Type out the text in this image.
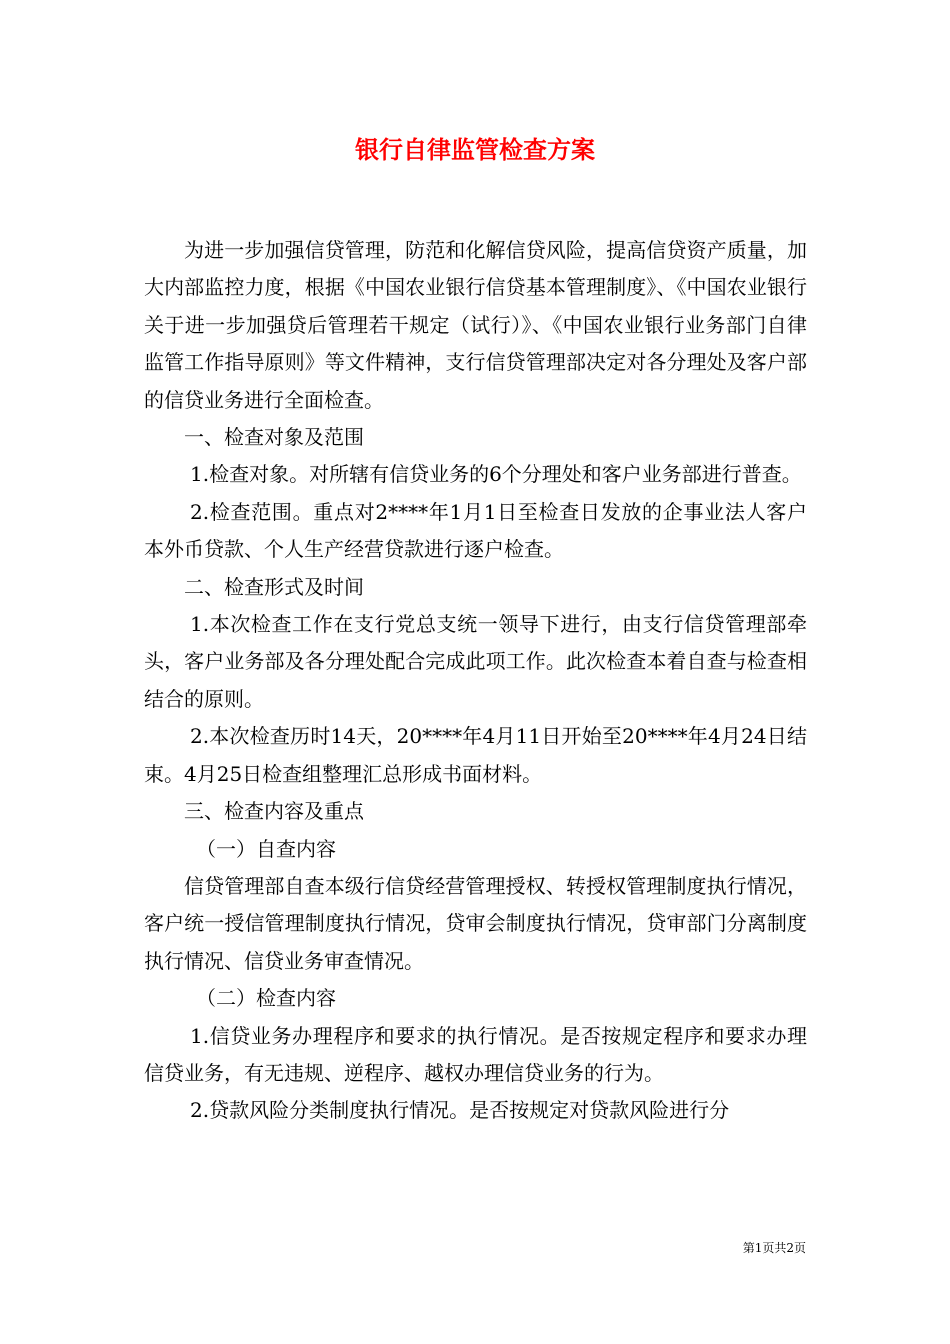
银行自律监管检查方案

为进一步加强信贷管理，防范和化解信贷风险，提高信贷资产质量，加大内部监控力度，根据《中国农业银行信贷基本管理制度》、《中国农业银行关于进一步加强贷后管理若干规定（试行）》、《中国农业银行业务部门自律监管工作指导原则》等文件精神，支行信贷管理部决定对各分理处及客户部的信贷业务进行全面检查。

一、检查对象及范围

1.检查对象。对所辖有信贷业务的6个分理处和客户业务部进行普查。

2.检查范围。重点对2****年1月1日至检查日发放的企事业法人客户本外币贷款、个人生产经营贷款进行逐户检查。

二、检查形式及时间

1.本次检查工作在支行党总支统一领导下进行，由支行信贷管理部牵头，客户业务部及各分理处配合完成此项工作。此次检查本着自查与检查相结合的原则。

2.本次检查历时14天，20****年4月11日开始至20****年4月24日结束。4月25日检查组整理汇总形成书面材料。

三、检查内容及重点

（一）自查内容

信贷管理部自查本级行信贷经营管理授权、转授权管理制度执行情况，客户统一授信管理制度执行情况，贷审会制度执行情况，贷审部门分离制度执行情况、信贷业务审查情况。

（二）检查内容

1.信贷业务办理程序和要求的执行情况。是否按规定程序和要求办理信贷业务，有无违规、逆程序、越权办理信贷业务的行为。

2.贷款风险分类制度执行情况。是否按规定对贷款风险进行分

第1页共2页
